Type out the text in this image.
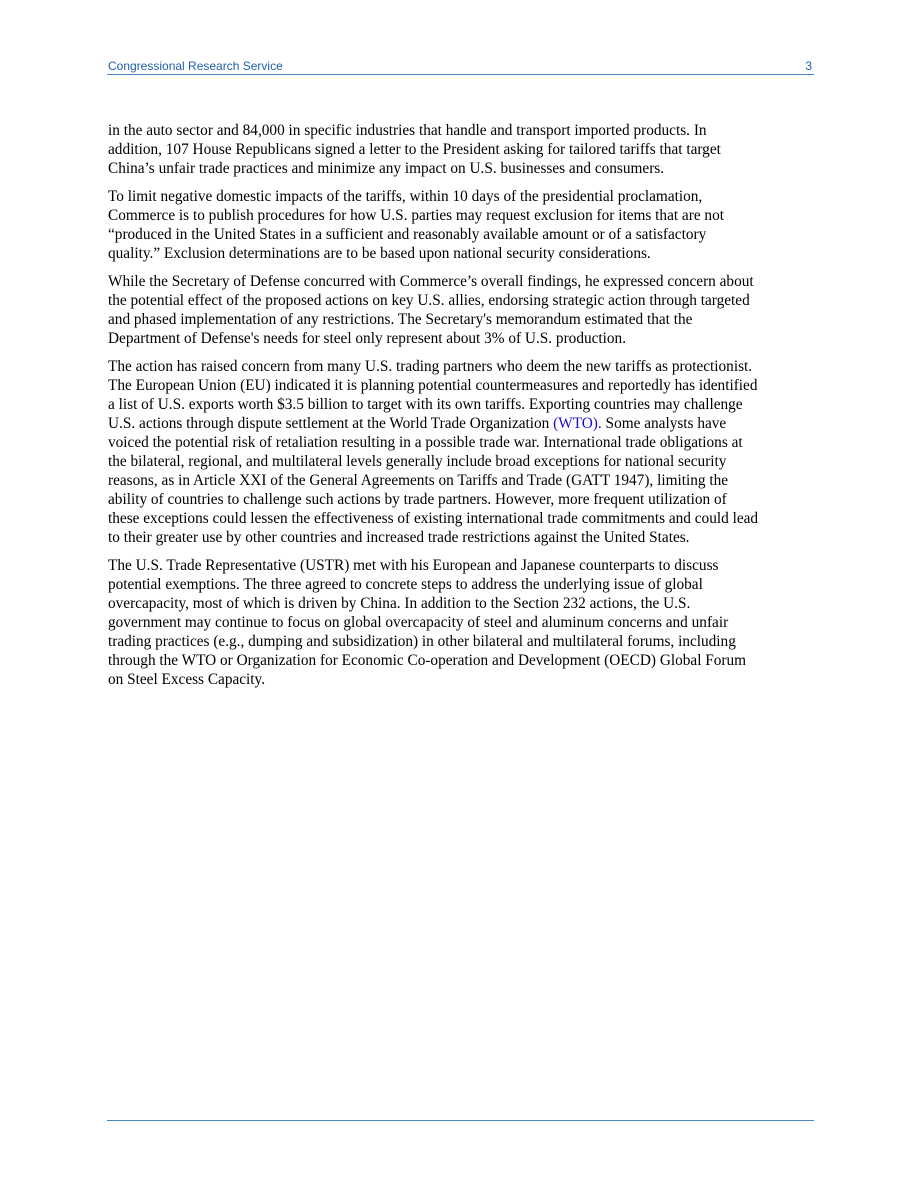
Congressional Research Service	3

in the auto sector and 84,000 in specific industries that handle and transport imported products. In
addition, 107 House Republicans signed a letter to the President asking for tailored tariffs that target
China’s unfair trade practices and minimize any impact on U.S. businesses and consumers.

To limit negative domestic impacts of the tariffs, within 10 days of the presidential proclamation,
Commerce is to publish procedures for how U.S. parties may request exclusion for items that are not
“produced in the United States in a sufficient and reasonably available amount or of a satisfactory
quality.” Exclusion determinations are to be based upon national security considerations.

While the Secretary of Defense concurred with Commerce’s overall findings, he expressed concern about
the potential effect of the proposed actions on key U.S. allies, endorsing strategic action through targeted
and phased implementation of any restrictions. The Secretary's memorandum estimated that the
Department of Defense's needs for steel only represent about 3% of U.S. production.

The action has raised concern from many U.S. trading partners who deem the new tariffs as protectionist.
The European Union (EU) indicated it is planning potential countermeasures and reportedly has identified
a list of U.S. exports worth $3.5 billion to target with its own tariffs. Exporting countries may challenge
U.S. actions through dispute settlement at the World Trade Organization (WTO). Some analysts have
voiced the potential risk of retaliation resulting in a possible trade war. International trade obligations at
the bilateral, regional, and multilateral levels generally include broad exceptions for national security
reasons, as in Article XXI of the General Agreements on Tariffs and Trade (GATT 1947), limiting the
ability of countries to challenge such actions by trade partners. However, more frequent utilization of
these exceptions could lessen the effectiveness of existing international trade commitments and could lead
to their greater use by other countries and increased trade restrictions against the United States.

The U.S. Trade Representative (USTR) met with his European and Japanese counterparts to discuss
potential exemptions. The three agreed to concrete steps to address the underlying issue of global
overcapacity, most of which is driven by China. In addition to the Section 232 actions, the U.S.
government may continue to focus on global overcapacity of steel and aluminum concerns and unfair
trading practices (e.g., dumping and subsidization) in other bilateral and multilateral forums, including
through the WTO or Organization for Economic Co-operation and Development (OECD) Global Forum
on Steel Excess Capacity.
